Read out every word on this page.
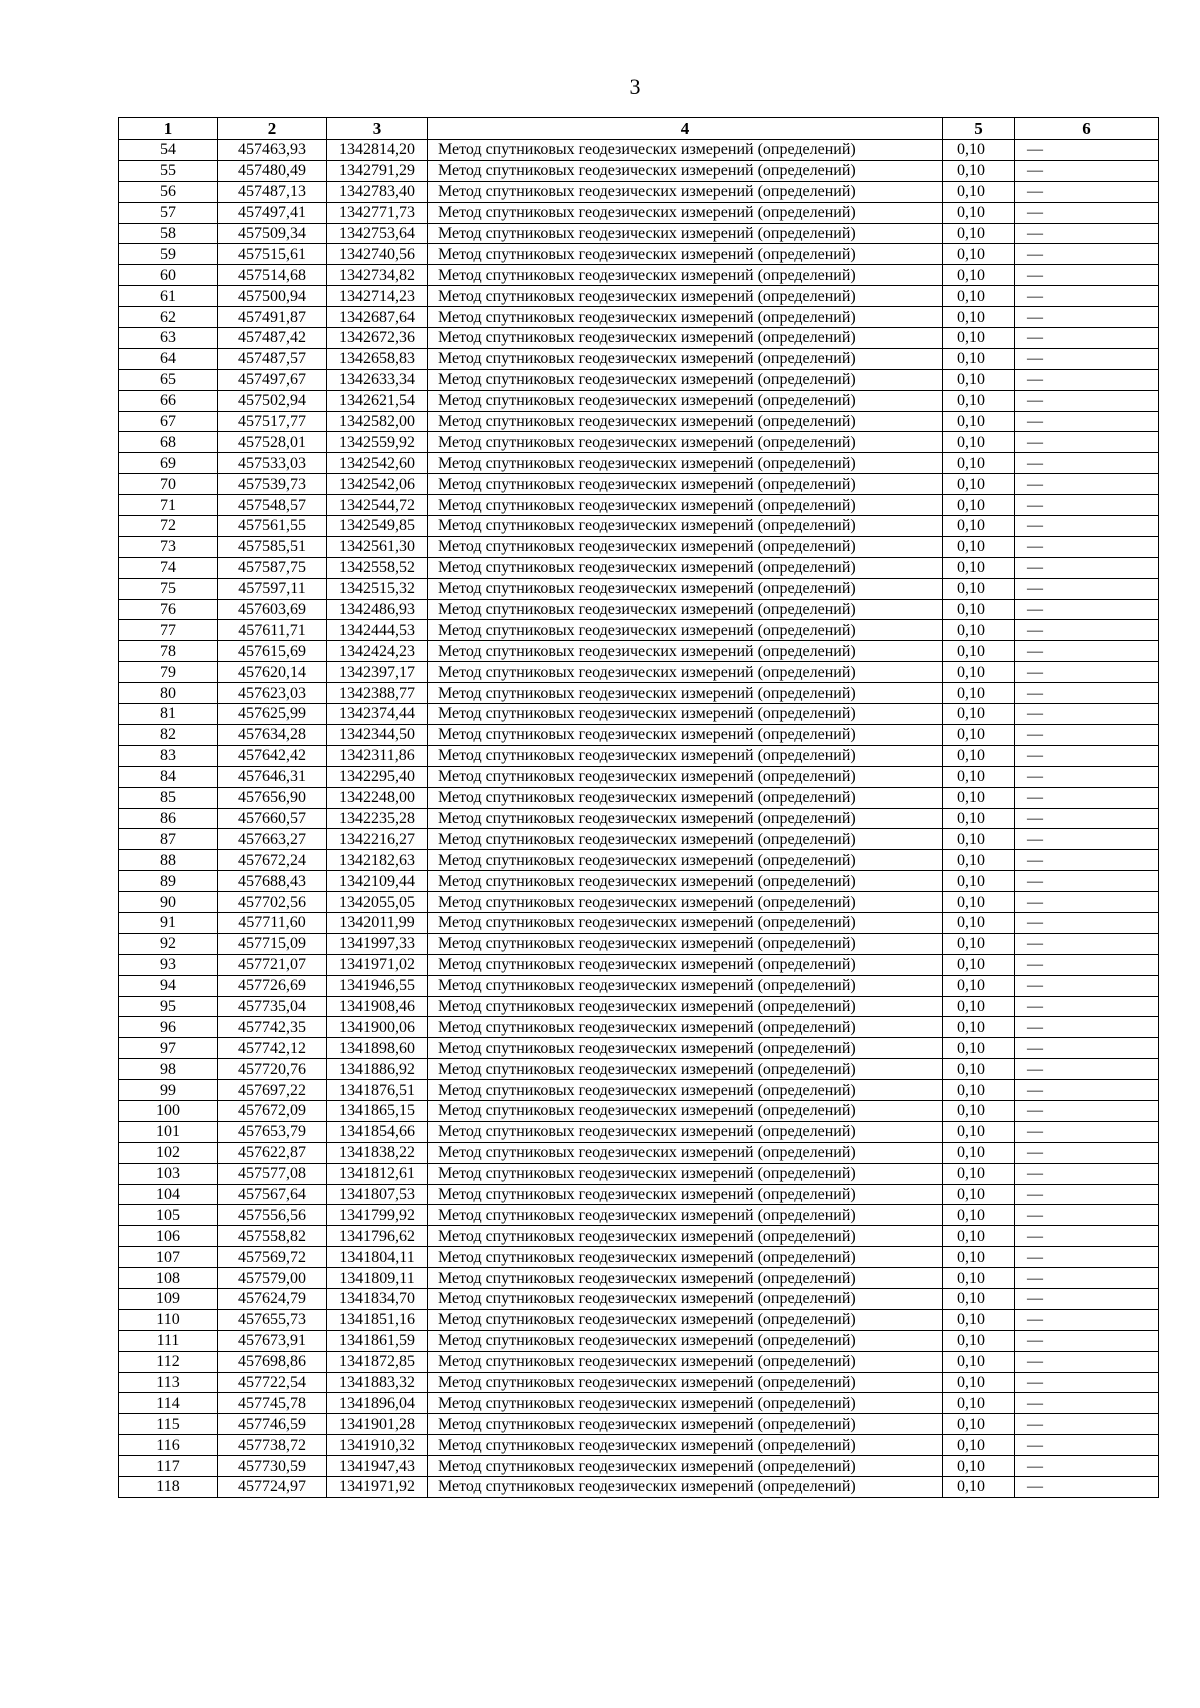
3
1	2	3	4	5	6
54	457463,93	1342814,20	Метод спутниковых геодезических измерений (определений)	0,10	—
55	457480,49	1342791,29	Метод спутниковых геодезических измерений (определений)	0,10	—
56	457487,13	1342783,40	Метод спутниковых геодезических измерений (определений)	0,10	—
57	457497,41	1342771,73	Метод спутниковых геодезических измерений (определений)	0,10	—
58	457509,34	1342753,64	Метод спутниковых геодезических измерений (определений)	0,10	—
59	457515,61	1342740,56	Метод спутниковых геодезических измерений (определений)	0,10	—
60	457514,68	1342734,82	Метод спутниковых геодезических измерений (определений)	0,10	—
61	457500,94	1342714,23	Метод спутниковых геодезических измерений (определений)	0,10	—
62	457491,87	1342687,64	Метод спутниковых геодезических измерений (определений)	0,10	—
63	457487,42	1342672,36	Метод спутниковых геодезических измерений (определений)	0,10	—
64	457487,57	1342658,83	Метод спутниковых геодезических измерений (определений)	0,10	—
65	457497,67	1342633,34	Метод спутниковых геодезических измерений (определений)	0,10	—
66	457502,94	1342621,54	Метод спутниковых геодезических измерений (определений)	0,10	—
67	457517,77	1342582,00	Метод спутниковых геодезических измерений (определений)	0,10	—
68	457528,01	1342559,92	Метод спутниковых геодезических измерений (определений)	0,10	—
69	457533,03	1342542,60	Метод спутниковых геодезических измерений (определений)	0,10	—
70	457539,73	1342542,06	Метод спутниковых геодезических измерений (определений)	0,10	—
71	457548,57	1342544,72	Метод спутниковых геодезических измерений (определений)	0,10	—
72	457561,55	1342549,85	Метод спутниковых геодезических измерений (определений)	0,10	—
73	457585,51	1342561,30	Метод спутниковых геодезических измерений (определений)	0,10	—
74	457587,75	1342558,52	Метод спутниковых геодезических измерений (определений)	0,10	—
75	457597,11	1342515,32	Метод спутниковых геодезических измерений (определений)	0,10	—
76	457603,69	1342486,93	Метод спутниковых геодезических измерений (определений)	0,10	—
77	457611,71	1342444,53	Метод спутниковых геодезических измерений (определений)	0,10	—
78	457615,69	1342424,23	Метод спутниковых геодезических измерений (определений)	0,10	—
79	457620,14	1342397,17	Метод спутниковых геодезических измерений (определений)	0,10	—
80	457623,03	1342388,77	Метод спутниковых геодезических измерений (определений)	0,10	—
81	457625,99	1342374,44	Метод спутниковых геодезических измерений (определений)	0,10	—
82	457634,28	1342344,50	Метод спутниковых геодезических измерений (определений)	0,10	—
83	457642,42	1342311,86	Метод спутниковых геодезических измерений (определений)	0,10	—
84	457646,31	1342295,40	Метод спутниковых геодезических измерений (определений)	0,10	—
85	457656,90	1342248,00	Метод спутниковых геодезических измерений (определений)	0,10	—
86	457660,57	1342235,28	Метод спутниковых геодезических измерений (определений)	0,10	—
87	457663,27	1342216,27	Метод спутниковых геодезических измерений (определений)	0,10	—
88	457672,24	1342182,63	Метод спутниковых геодезических измерений (определений)	0,10	—
89	457688,43	1342109,44	Метод спутниковых геодезических измерений (определений)	0,10	—
90	457702,56	1342055,05	Метод спутниковых геодезических измерений (определений)	0,10	—
91	457711,60	1342011,99	Метод спутниковых геодезических измерений (определений)	0,10	—
92	457715,09	1341997,33	Метод спутниковых геодезических измерений (определений)	0,10	—
93	457721,07	1341971,02	Метод спутниковых геодезических измерений (определений)	0,10	—
94	457726,69	1341946,55	Метод спутниковых геодезических измерений (определений)	0,10	—
95	457735,04	1341908,46	Метод спутниковых геодезических измерений (определений)	0,10	—
96	457742,35	1341900,06	Метод спутниковых геодезических измерений (определений)	0,10	—
97	457742,12	1341898,60	Метод спутниковых геодезических измерений (определений)	0,10	—
98	457720,76	1341886,92	Метод спутниковых геодезических измерений (определений)	0,10	—
99	457697,22	1341876,51	Метод спутниковых геодезических измерений (определений)	0,10	—
100	457672,09	1341865,15	Метод спутниковых геодезических измерений (определений)	0,10	—
101	457653,79	1341854,66	Метод спутниковых геодезических измерений (определений)	0,10	—
102	457622,87	1341838,22	Метод спутниковых геодезических измерений (определений)	0,10	—
103	457577,08	1341812,61	Метод спутниковых геодезических измерений (определений)	0,10	—
104	457567,64	1341807,53	Метод спутниковых геодезических измерений (определений)	0,10	—
105	457556,56	1341799,92	Метод спутниковых геодезических измерений (определений)	0,10	—
106	457558,82	1341796,62	Метод спутниковых геодезических измерений (определений)	0,10	—
107	457569,72	1341804,11	Метод спутниковых геодезических измерений (определений)	0,10	—
108	457579,00	1341809,11	Метод спутниковых геодезических измерений (определений)	0,10	—
109	457624,79	1341834,70	Метод спутниковых геодезических измерений (определений)	0,10	—
110	457655,73	1341851,16	Метод спутниковых геодезических измерений (определений)	0,10	—
111	457673,91	1341861,59	Метод спутниковых геодезических измерений (определений)	0,10	—
112	457698,86	1341872,85	Метод спутниковых геодезических измерений (определений)	0,10	—
113	457722,54	1341883,32	Метод спутниковых геодезических измерений (определений)	0,10	—
114	457745,78	1341896,04	Метод спутниковых геодезических измерений (определений)	0,10	—
115	457746,59	1341901,28	Метод спутниковых геодезических измерений (определений)	0,10	—
116	457738,72	1341910,32	Метод спутниковых геодезических измерений (определений)	0,10	—
117	457730,59	1341947,43	Метод спутниковых геодезических измерений (определений)	0,10	—
118	457724,97	1341971,92	Метод спутниковых геодезических измерений (определений)	0,10	—
